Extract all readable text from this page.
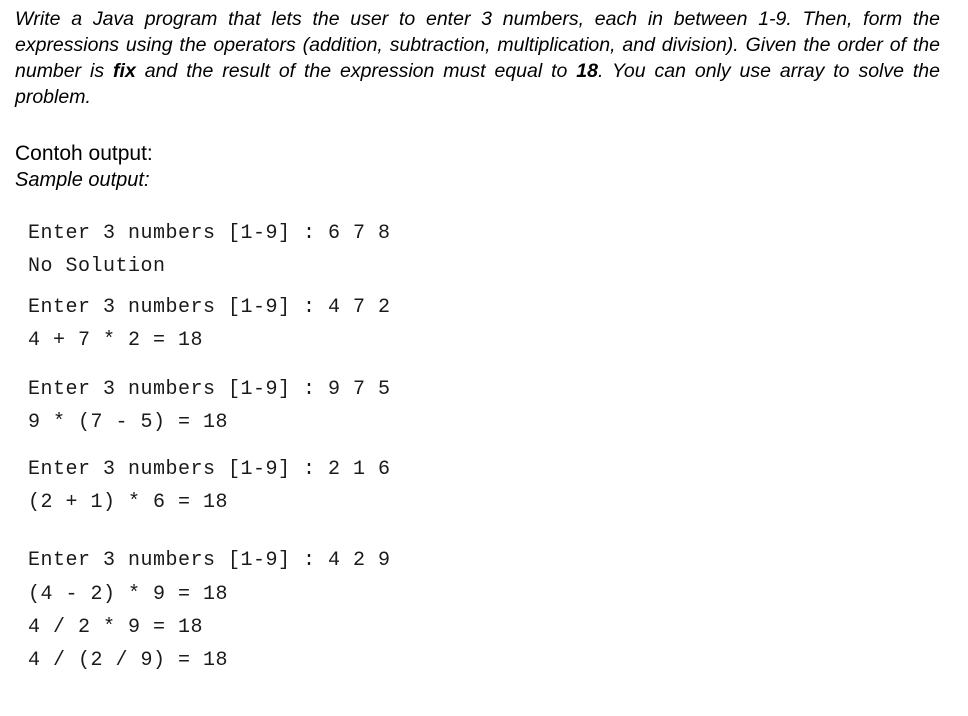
Write a Java program that lets the user to enter 3 numbers, each in between 1-9. Then, form the expressions using the operators (addition, subtraction, multiplication, and division). Given the order of the number is fix and the result of the expression must equal to 18. You can only use array to solve the problem.
Contoh output:
Sample output:
Enter 3 numbers [1-9] : 6 7 8
No Solution
Enter 3 numbers [1-9] : 4 7 2
4 + 7 * 2 = 18
Enter 3 numbers [1-9] : 9 7 5
9 * (7 - 5) = 18
Enter 3 numbers [1-9] : 2 1 6
(2 + 1) * 6 = 18
Enter 3 numbers [1-9] : 4 2 9
(4 - 2) * 9 = 18
4 / 2 * 9 = 18
4 / (2 / 9) = 18
